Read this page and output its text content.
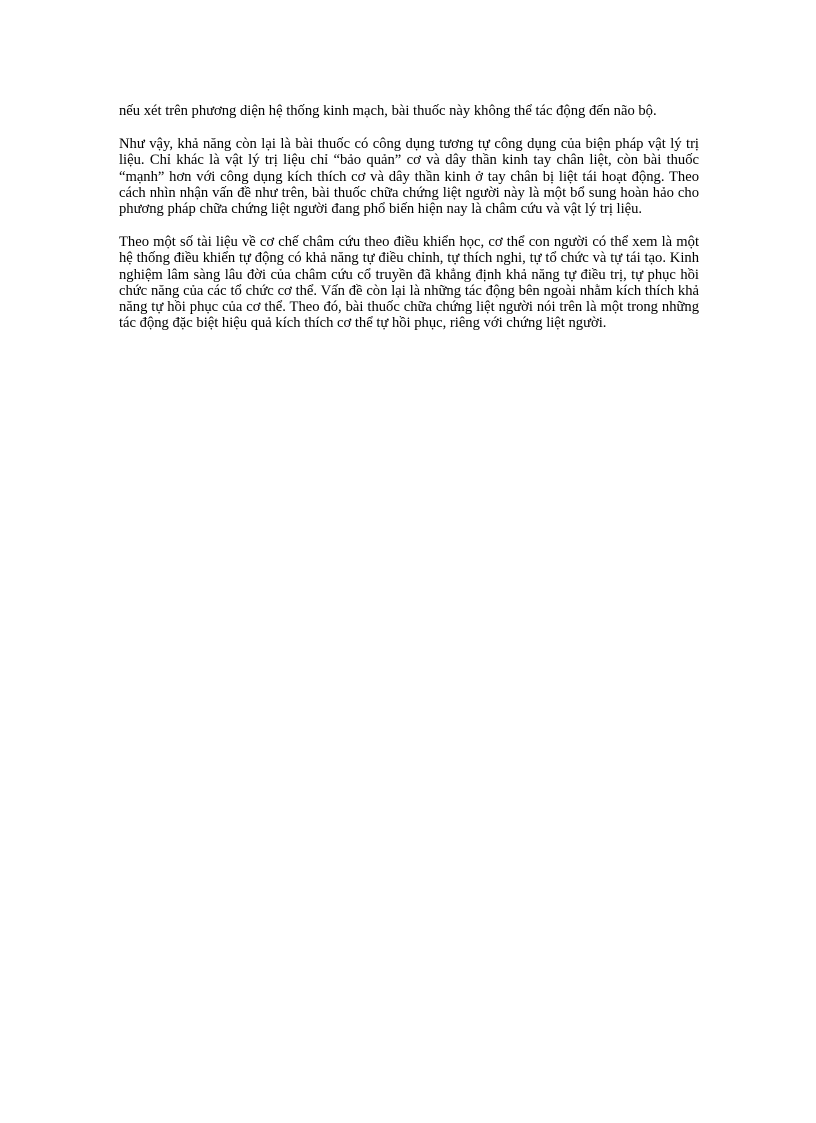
nếu xét trên phương diện hệ thống kinh mạch, bài thuốc này không thể tác động đến não bộ.

Như vậy, khả năng còn lại là bài thuốc có công dụng tương tự công dụng của biện pháp vật lý trị liệu. Chỉ khác là vật lý trị liệu chỉ “bảo quản” cơ và dây thần kinh tay chân liệt, còn bài thuốc “mạnh” hơn với công dụng kích thích cơ và dây thần kinh ở tay chân bị liệt tái hoạt động. Theo cách nhìn nhận vấn đề như trên, bài thuốc chữa chứng liệt người này là một bổ sung hoàn hảo cho phương pháp chữa chứng liệt người đang phổ biến hiện nay là châm cứu và vật lý trị liệu.

Theo một số tài liệu về cơ chế châm cứu theo điều khiển học, cơ thể con người có thể xem là một hệ thống điều khiển tự động có khả năng tự điều chỉnh, tự thích nghi, tự tổ chức và tự tái tạo. Kinh nghiệm lâm sàng lâu đời của châm cứu cổ truyền đã khẳng định khả năng tự điều trị, tự phục hồi chức năng của các tổ chức cơ thể. Vấn đề còn lại là những tác động bên ngoài nhằm kích thích khả năng tự hồi phục của cơ thể. Theo đó, bài thuốc chữa chứng liệt người nói trên là một trong những tác động đặc biệt hiệu quả kích thích cơ thể tự hồi phục, riêng với chứng liệt người.
